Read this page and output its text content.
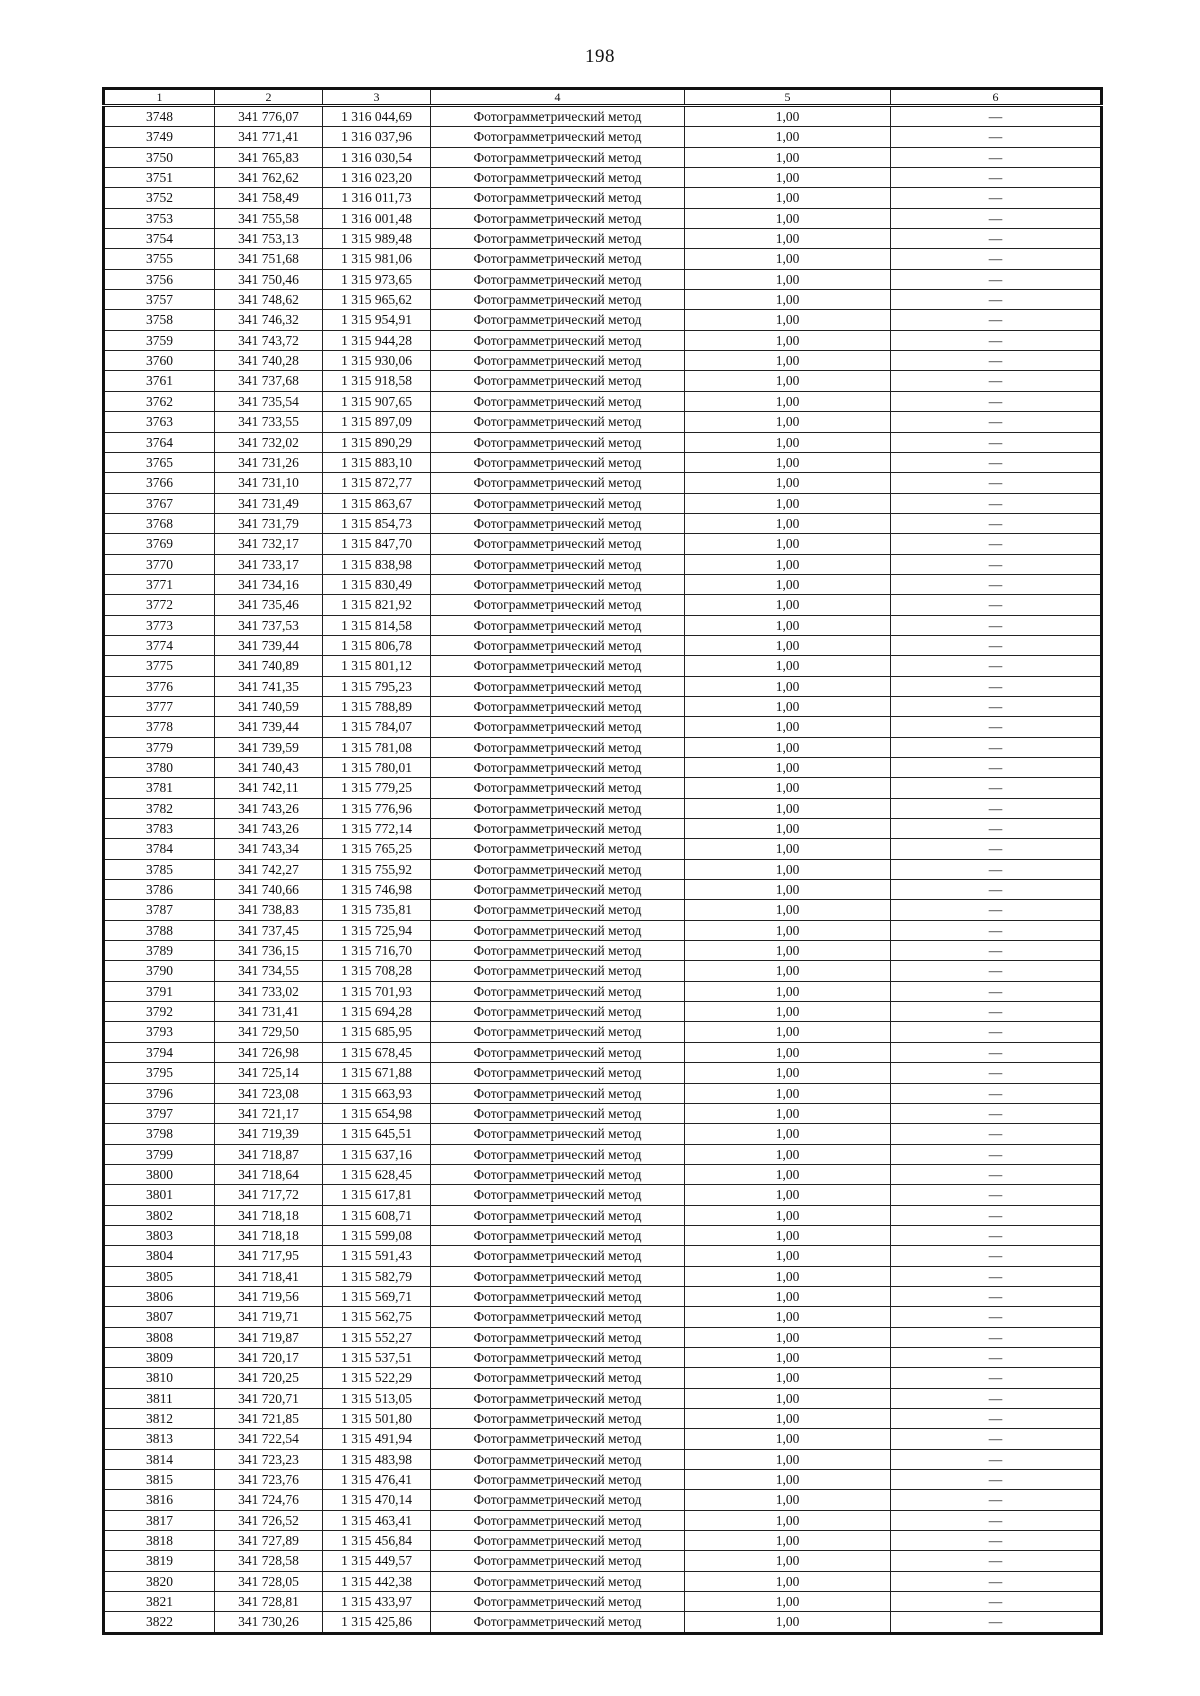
198
1	2	3	4	5	6
3748	341 776,07	1 316 044,69	Фотограмметрический метод	1,00	—
3749	341 771,41	1 316 037,96	Фотограмметрический метод	1,00	—
3750	341 765,83	1 316 030,54	Фотограмметрический метод	1,00	—
3751	341 762,62	1 316 023,20	Фотограмметрический метод	1,00	—
3752	341 758,49	1 316 011,73	Фотограмметрический метод	1,00	—
3753	341 755,58	1 316 001,48	Фотограмметрический метод	1,00	—
3754	341 753,13	1 315 989,48	Фотограмметрический метод	1,00	—
3755	341 751,68	1 315 981,06	Фотограмметрический метод	1,00	—
3756	341 750,46	1 315 973,65	Фотограмметрический метод	1,00	—
3757	341 748,62	1 315 965,62	Фотограмметрический метод	1,00	—
3758	341 746,32	1 315 954,91	Фотограмметрический метод	1,00	—
3759	341 743,72	1 315 944,28	Фотограмметрический метод	1,00	—
3760	341 740,28	1 315 930,06	Фотограмметрический метод	1,00	—
3761	341 737,68	1 315 918,58	Фотограмметрический метод	1,00	—
3762	341 735,54	1 315 907,65	Фотограмметрический метод	1,00	—
3763	341 733,55	1 315 897,09	Фотограмметрический метод	1,00	—
3764	341 732,02	1 315 890,29	Фотограмметрический метод	1,00	—
3765	341 731,26	1 315 883,10	Фотограмметрический метод	1,00	—
3766	341 731,10	1 315 872,77	Фотограмметрический метод	1,00	—
3767	341 731,49	1 315 863,67	Фотограмметрический метод	1,00	—
3768	341 731,79	1 315 854,73	Фотограмметрический метод	1,00	—
3769	341 732,17	1 315 847,70	Фотограмметрический метод	1,00	—
3770	341 733,17	1 315 838,98	Фотограмметрический метод	1,00	—
3771	341 734,16	1 315 830,49	Фотограмметрический метод	1,00	—
3772	341 735,46	1 315 821,92	Фотограмметрический метод	1,00	—
3773	341 737,53	1 315 814,58	Фотограмметрический метод	1,00	—
3774	341 739,44	1 315 806,78	Фотограмметрический метод	1,00	—
3775	341 740,89	1 315 801,12	Фотограмметрический метод	1,00	—
3776	341 741,35	1 315 795,23	Фотограмметрический метод	1,00	—
3777	341 740,59	1 315 788,89	Фотограмметрический метод	1,00	—
3778	341 739,44	1 315 784,07	Фотограмметрический метод	1,00	—
3779	341 739,59	1 315 781,08	Фотограмметрический метод	1,00	—
3780	341 740,43	1 315 780,01	Фотограмметрический метод	1,00	—
3781	341 742,11	1 315 779,25	Фотограмметрический метод	1,00	—
3782	341 743,26	1 315 776,96	Фотограмметрический метод	1,00	—
3783	341 743,26	1 315 772,14	Фотограмметрический метод	1,00	—
3784	341 743,34	1 315 765,25	Фотограмметрический метод	1,00	—
3785	341 742,27	1 315 755,92	Фотограмметрический метод	1,00	—
3786	341 740,66	1 315 746,98	Фотограмметрический метод	1,00	—
3787	341 738,83	1 315 735,81	Фотограмметрический метод	1,00	—
3788	341 737,45	1 315 725,94	Фотограмметрический метод	1,00	—
3789	341 736,15	1 315 716,70	Фотограмметрический метод	1,00	—
3790	341 734,55	1 315 708,28	Фотограмметрический метод	1,00	—
3791	341 733,02	1 315 701,93	Фотограмметрический метод	1,00	—
3792	341 731,41	1 315 694,28	Фотограмметрический метод	1,00	—
3793	341 729,50	1 315 685,95	Фотограмметрический метод	1,00	—
3794	341 726,98	1 315 678,45	Фотограмметрический метод	1,00	—
3795	341 725,14	1 315 671,88	Фотограмметрический метод	1,00	—
3796	341 723,08	1 315 663,93	Фотограмметрический метод	1,00	—
3797	341 721,17	1 315 654,98	Фотограмметрический метод	1,00	—
3798	341 719,39	1 315 645,51	Фотограмметрический метод	1,00	—
3799	341 718,87	1 315 637,16	Фотограмметрический метод	1,00	—
3800	341 718,64	1 315 628,45	Фотограмметрический метод	1,00	—
3801	341 717,72	1 315 617,81	Фотограмметрический метод	1,00	—
3802	341 718,18	1 315 608,71	Фотограмметрический метод	1,00	—
3803	341 718,18	1 315 599,08	Фотограмметрический метод	1,00	—
3804	341 717,95	1 315 591,43	Фотограмметрический метод	1,00	—
3805	341 718,41	1 315 582,79	Фотограмметрический метод	1,00	—
3806	341 719,56	1 315 569,71	Фотограмметрический метод	1,00	—
3807	341 719,71	1 315 562,75	Фотограмметрический метод	1,00	—
3808	341 719,87	1 315 552,27	Фотограмметрический метод	1,00	—
3809	341 720,17	1 315 537,51	Фотограмметрический метод	1,00	—
3810	341 720,25	1 315 522,29	Фотограмметрический метод	1,00	—
3811	341 720,71	1 315 513,05	Фотограмметрический метод	1,00	—
3812	341 721,85	1 315 501,80	Фотограмметрический метод	1,00	—
3813	341 722,54	1 315 491,94	Фотограмметрический метод	1,00	—
3814	341 723,23	1 315 483,98	Фотограмметрический метод	1,00	—
3815	341 723,76	1 315 476,41	Фотограмметрический метод	1,00	—
3816	341 724,76	1 315 470,14	Фотограмметрический метод	1,00	—
3817	341 726,52	1 315 463,41	Фотограмметрический метод	1,00	—
3818	341 727,89	1 315 456,84	Фотограмметрический метод	1,00	—
3819	341 728,58	1 315 449,57	Фотограмметрический метод	1,00	—
3820	341 728,05	1 315 442,38	Фотограмметрический метод	1,00	—
3821	341 728,81	1 315 433,97	Фотограмметрический метод	1,00	—
3822	341 730,26	1 315 425,86	Фотограмметрический метод	1,00	—
